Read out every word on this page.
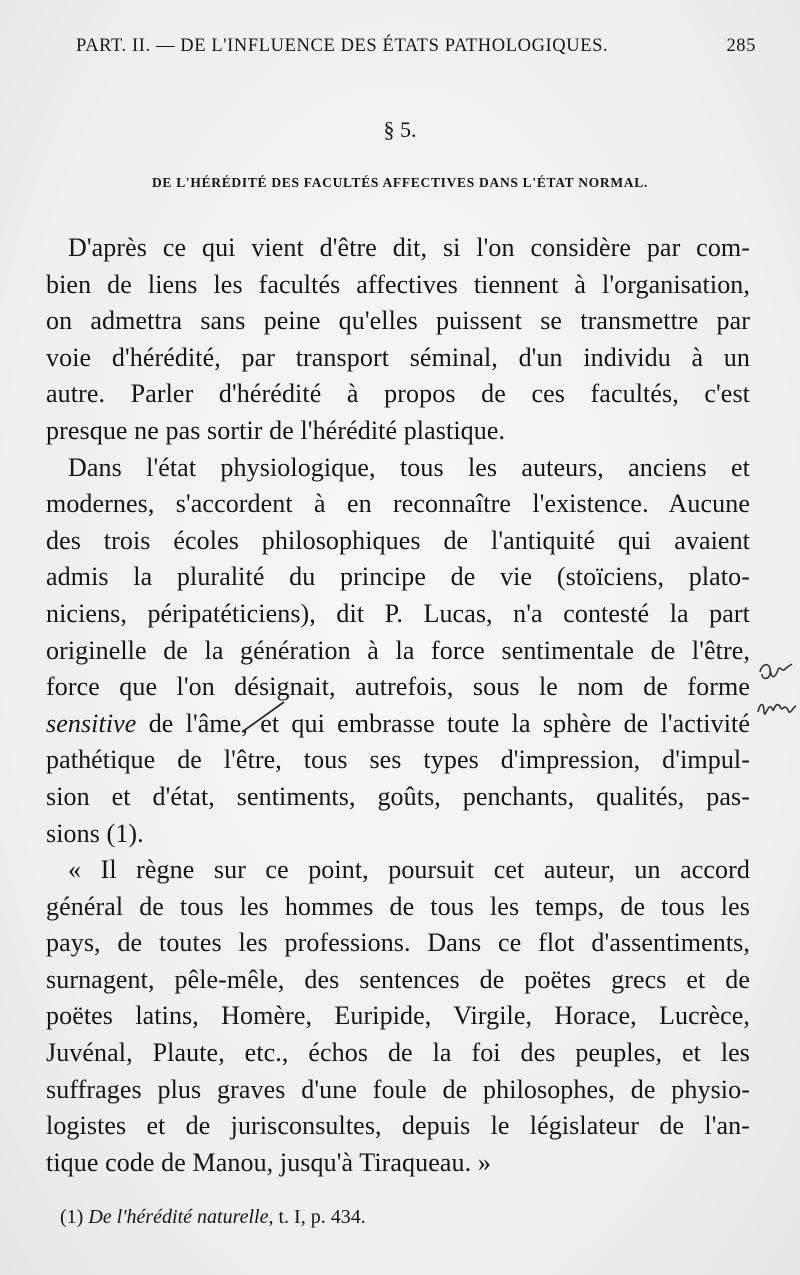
PART. II. — DE L'INFLUENCE DES ÉTATS PATHOLOGIQUES.	285
§ 5.
DE L'HÉRÉDITÉ DES FACULTÉS AFFECTIVES DANS L'ÉTAT NORMAL.
D'après ce qui vient d'être dit, si l'on considère par com-
bien de liens les facultés affectives tiennent à l'organisation,
on admettra sans peine qu'elles puissent se transmettre par
voie d'hérédité, par transport séminal, d'un individu à un
autre. Parler d'hérédité à propos de ces facultés, c'est
presque ne pas sortir de l'hérédité plastique.
Dans l'état physiologique, tous les auteurs, anciens et
modernes, s'accordent à en reconnaître l'existence. Aucune
des trois écoles philosophiques de l'antiquité qui avaient
admis la pluralité du principe de vie (stoïciens, plato-
niciens, péripatéticiens), dit P. Lucas, n'a contesté la part
originelle de la génération à la force sentimentale de l'être,
force que l'on désignait, autrefois, sous le nom de forme
sensitive de l'âme, et qui embrasse toute la sphère de l'activité
pathétique de l'être, tous ses types d'impression, d'impul-
sion et d'état, sentiments, goûts, penchants, qualités, pas-
sions (1).
« Il règne sur ce point, poursuit cet auteur, un accord
général de tous les hommes de tous les temps, de tous les
pays, de toutes les professions. Dans ce flot d'assentiments,
surnagent, pêle-mêle, des sentences de poëtes grecs et de
poëtes latins, Homère, Euripide, Virgile, Horace, Lucrèce,
Juvénal, Plaute, etc., échos de la foi des peuples, et les
suffrages plus graves d'une foule de philosophes, de physio-
logistes et de jurisconsultes, depuis le législateur de l'an-
tique code de Manou, jusqu'à Tiraqueau. »
(1) De l'hérédité naturelle, t. I, p. 434.
